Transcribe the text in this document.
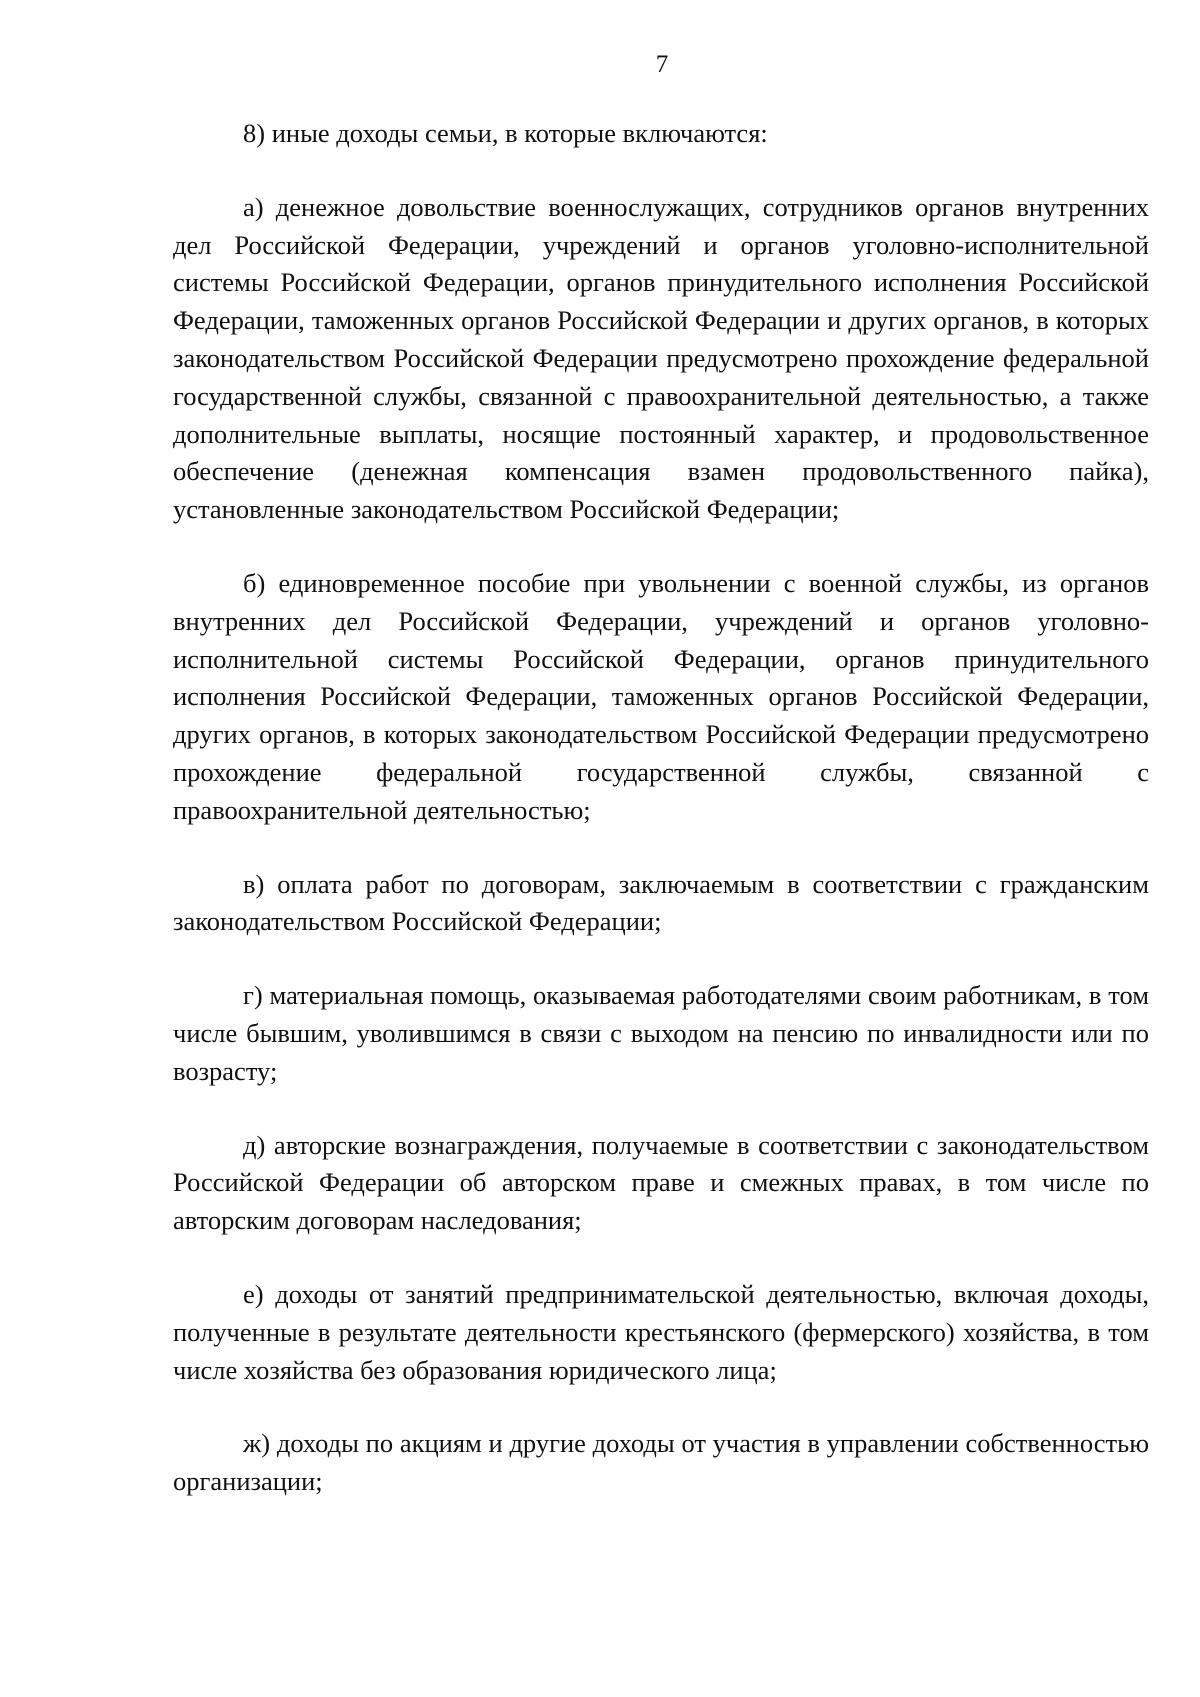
7

8) иные доходы семьи, в которые включаются:

а) денежное довольствие военнослужащих, сотрудников органов внутренних дел Российской Федерации, учреждений и органов уголовно-исполнительной системы Российской Федерации, органов принудительного исполнения Российской Федерации, таможенных органов Российской Федерации и других органов, в которых законодательством Российской Федерации предусмотрено прохождение федеральной государственной службы, связанной с правоохранительной деятельностью, а также дополнительные выплаты, носящие постоянный характер, и продовольственное обеспечение (денежная компенсация взамен продовольственного пайка), установленные законодательством Российской Федерации;

б) единовременное пособие при увольнении с военной службы, из органов внутренних дел Российской Федерации, учреждений и органов уголовно-исполнительной системы Российской Федерации, органов принудительного исполнения Российской Федерации, таможенных органов Российской Федерации, других органов, в которых законодательством Российской Федерации предусмотрено прохождение федеральной государственной службы, связанной с правоохранительной деятельностью;

в) оплата работ по договорам, заключаемым в соответствии с гражданским законодательством Российской Федерации;

г) материальная помощь, оказываемая работодателями своим работникам, в том числе бывшим, уволившимся в связи с выходом на пенсию по инвалидности или по возрасту;

д) авторские вознаграждения, получаемые в соответствии с законодательством Российской Федерации об авторском праве и смежных правах, в том числе по авторским договорам наследования;

е) доходы от занятий предпринимательской деятельностью, включая доходы, полученные в результате деятельности крестьянского (фермерского) хозяйства, в том числе хозяйства без образования юридического лица;

ж) доходы по акциям и другие доходы от участия в управлении собственностью организации;
